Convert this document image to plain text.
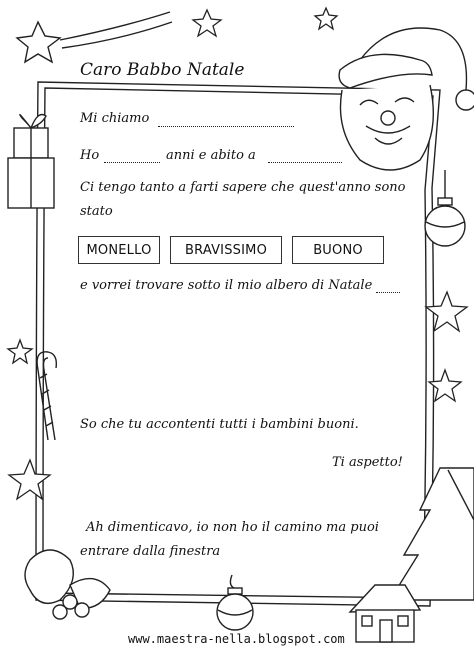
Caro Babbo Natale
Mi chiamo
Ho	anni e abito a
Ci tengo tanto a farti sapere che quest'anno sono
stato
MONELLO	BRAVISSIMO	BUONO
e vorrei trovare sotto il mio albero di Natale
So che tu accontenti tutti i bambini buoni.
Ti aspetto!
Ah dimenticavo, io non ho il camino ma puoi
entrare dalla finestra
www.maestra-nella.blogspot.com
